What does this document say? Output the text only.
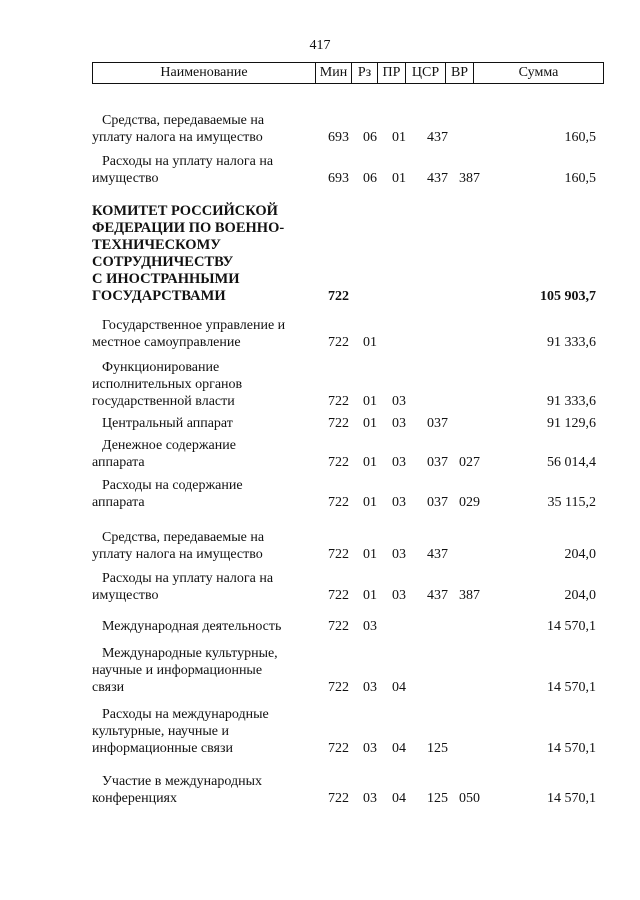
417
Наименование	Мин Рз ПР ЦСР ВР	Сумма
Средства, передаваемые на
уплату налога на имущество	693 06 01 437	160,5
Расходы на уплату налога на
имущество	693 06 01 437 387	160,5
КОМИТЕТ РОССИЙСКОЙ
ФЕДЕРАЦИИ ПО ВОЕННО-
ТЕХНИЧЕСКОМУ
СОТРУДНИЧЕСТВУ
С ИНОСТРАННЫМИ
ГОСУДАРСТВАМИ	722	105 903,7
Государственное управление и
местное самоуправление	722 01	91 333,6
Функционирование
исполнительных органов
государственной власти	722 01 03	91 333,6
Центральный аппарат	722 01 03 037	91 129,6
Денежное содержание
аппарата	722 01 03 037 027	56 014,4
Расходы на содержание
аппарата	722 01 03 037 029	35 115,2
Средства, передаваемые на
уплату налога на имущество	722 01 03 437	204,0
Расходы на уплату налога на
имущество	722 01 03 437 387	204,0
Международная деятельность	722 03	14 570,1
Международные культурные,
научные и информационные
связи	722 03 04	14 570,1
Расходы на международные
культурные, научные и
информационные связи	722 03 04 125	14 570,1
Участие в международных
конференциях	722 03 04 125 050	14 570,1
